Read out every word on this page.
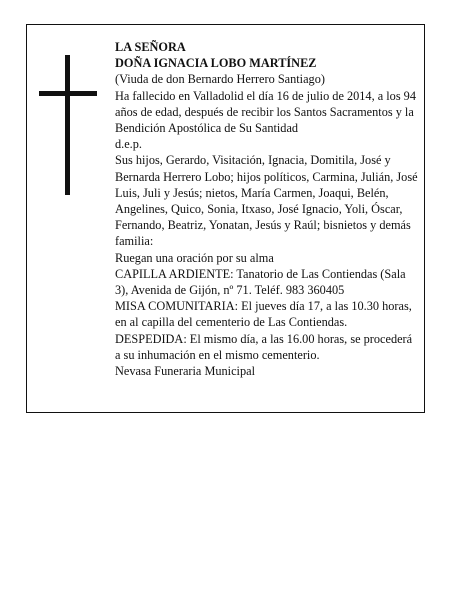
LA SEÑORA

DOÑA IGNACIA LOBO MARTÍNEZ

(Viuda de don Bernardo Herrero Santiago)

Ha fallecido en Valladolid el día 16 de julio de 2014, a los 94 años de edad, después de recibir los Santos Sacramentos y la Bendición Apostólica de Su Santidad

d.e.p.

Sus hijos, Gerardo, Visitación, Ignacia, Domitila, José y Bernarda Herrero Lobo; hijos políticos, Carmina, Julián, José Luis, Juli y Jesús; nietos, María Carmen, Joaqui, Belén, Angelines, Quico, Sonia, Itxaso, José Ignacio, Yoli, Óscar, Fernando, Beatriz, Yonatan, Jesús y Raúl; bisnietos y demás familia:

Ruegan una oración por su alma

CAPILLA ARDIENTE: Tanatorio de Las Contiendas (Sala 3), Avenida de Gijón, nº 71. Teléf. 983 360405

MISA COMUNITARIA: El jueves día 17, a las 10.30 horas, en al capilla del cementerio de Las Contiendas.

DESPEDIDA: El mismo día, a las 16.00 horas, se procederá a su inhumación en el mismo cementerio.

Nevasa Funeraria Municipal
